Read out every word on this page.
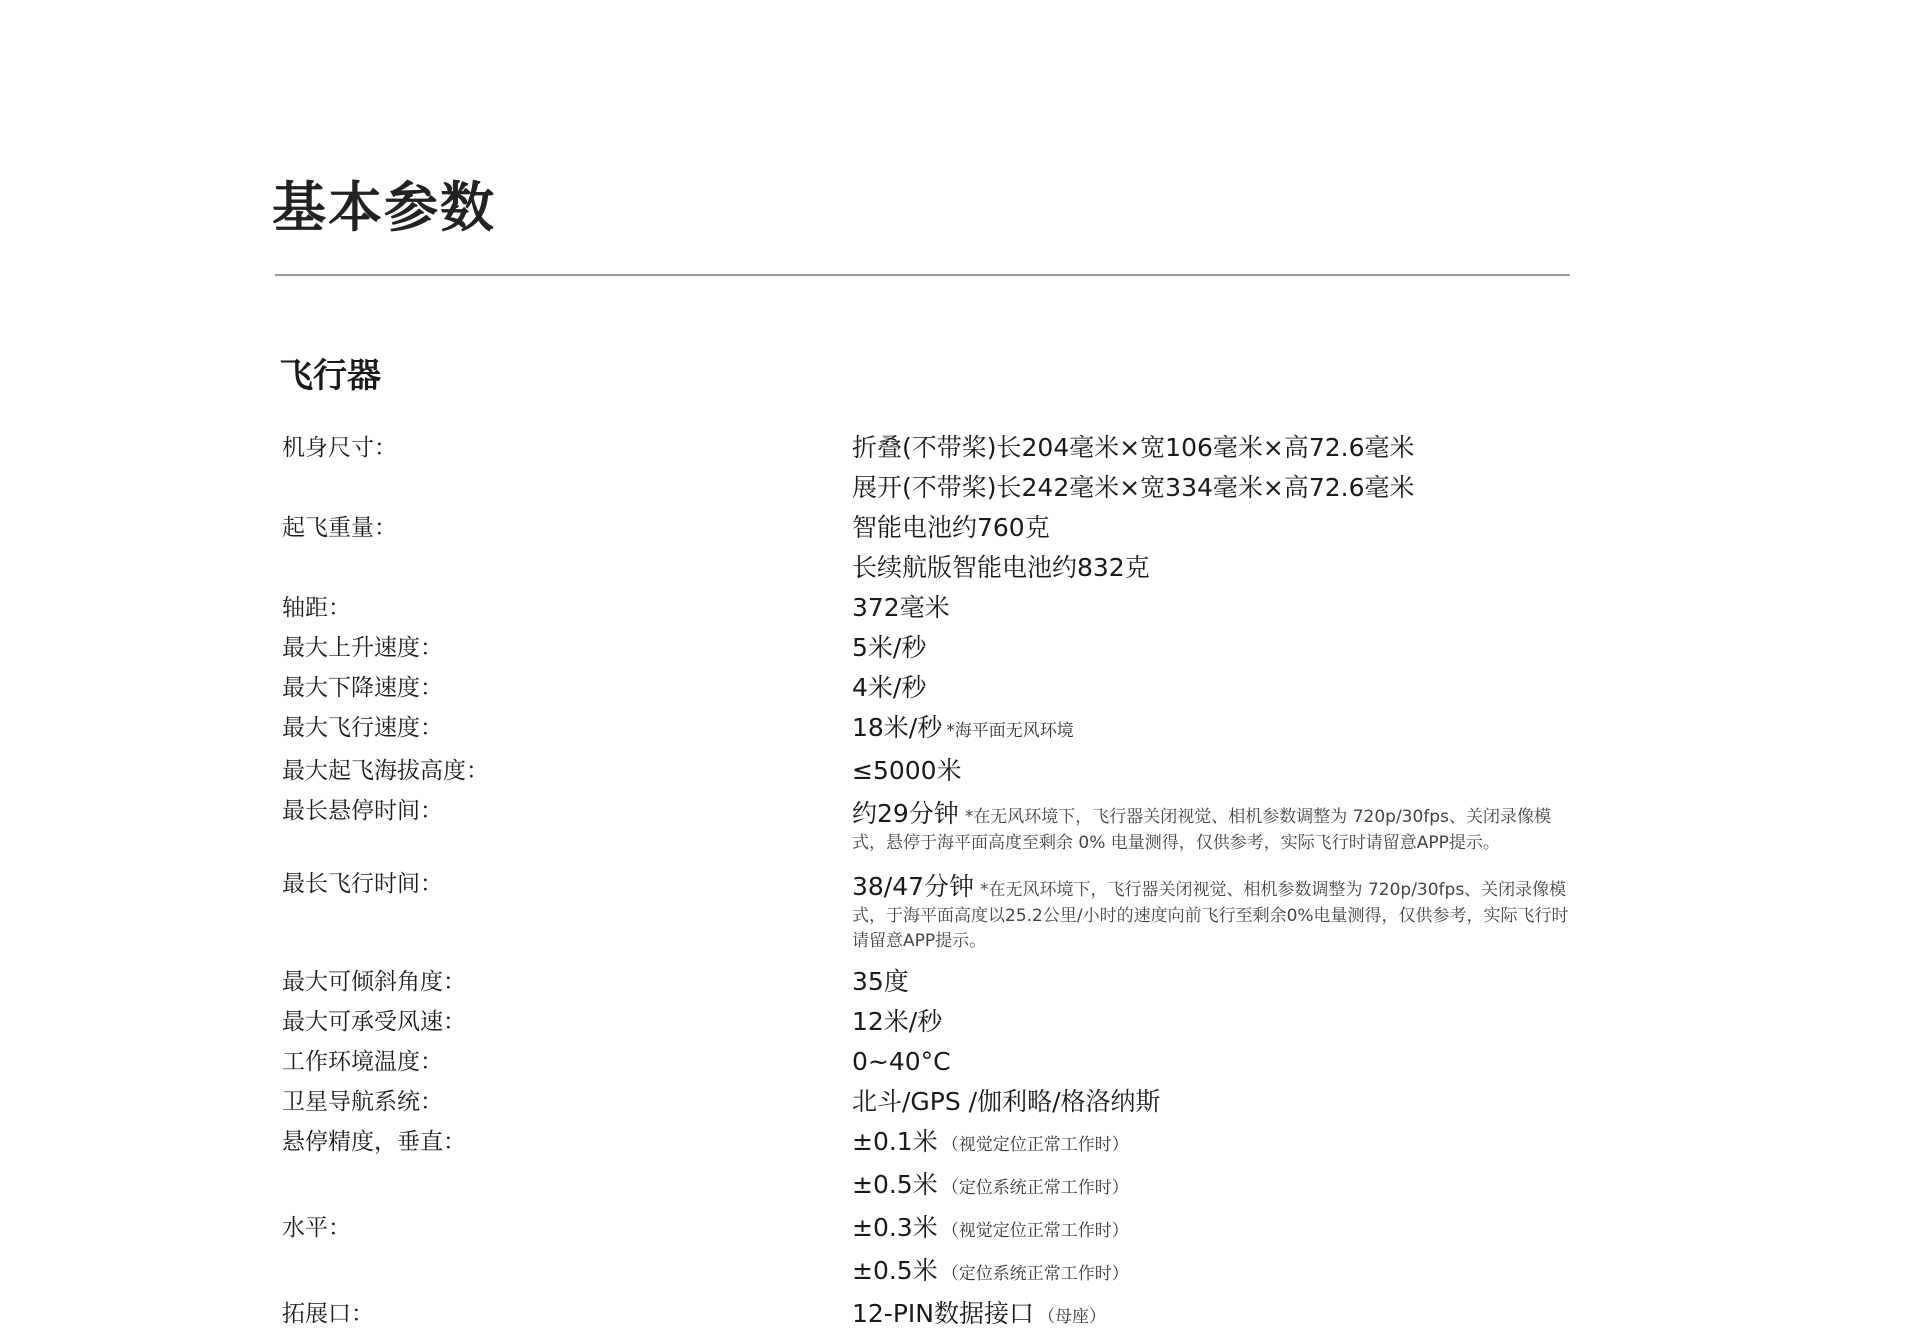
基本参数
飞行器
机身尺寸：	折叠(不带桨)长204毫米×宽106毫米×高72.6毫米
展开(不带桨)长242毫米×宽334毫米×高72.6毫米
起飞重量：	智能电池约760克
长续航版智能电池约832克
轴距：	372毫米
最大上升速度：	5米/秒
最大下降速度：	4米/秒
最大飞行速度：	18米/秒 *海平面无风环境
最大起飞海拔高度：	≤5000米
最长悬停时间：	约29分钟 *在无风环境下，飞行器关闭视觉、相机参数调整为 720p/30fps、关闭录像模式，悬停于海平面高度至剩余 0% 电量测得，仅供参考，实际飞行时请留意APP提示。
最长飞行时间：	38/47分钟 *在无风环境下，飞行器关闭视觉、相机参数调整为 720p/30fps、关闭录像模式，于海平面高度以25.2公里/小时的速度向前飞行至剩余0%电量测得，仅供参考，实际飞行时请留意APP提示。
最大可倾斜角度：	35度
最大可承受风速：	12米/秒
工作环境温度：	0~40°C
卫星导航系统：	北斗/GPS /伽利略/格洛纳斯
悬停精度，垂直：	±0.1米 （视觉定位正常工作时）
±0.5米 （定位系统正常工作时）
水平：	±0.3米 （视觉定位正常工作时）
±0.5米 （定位系统正常工作时）
拓展口：	12-PIN数据接口 （母座）
